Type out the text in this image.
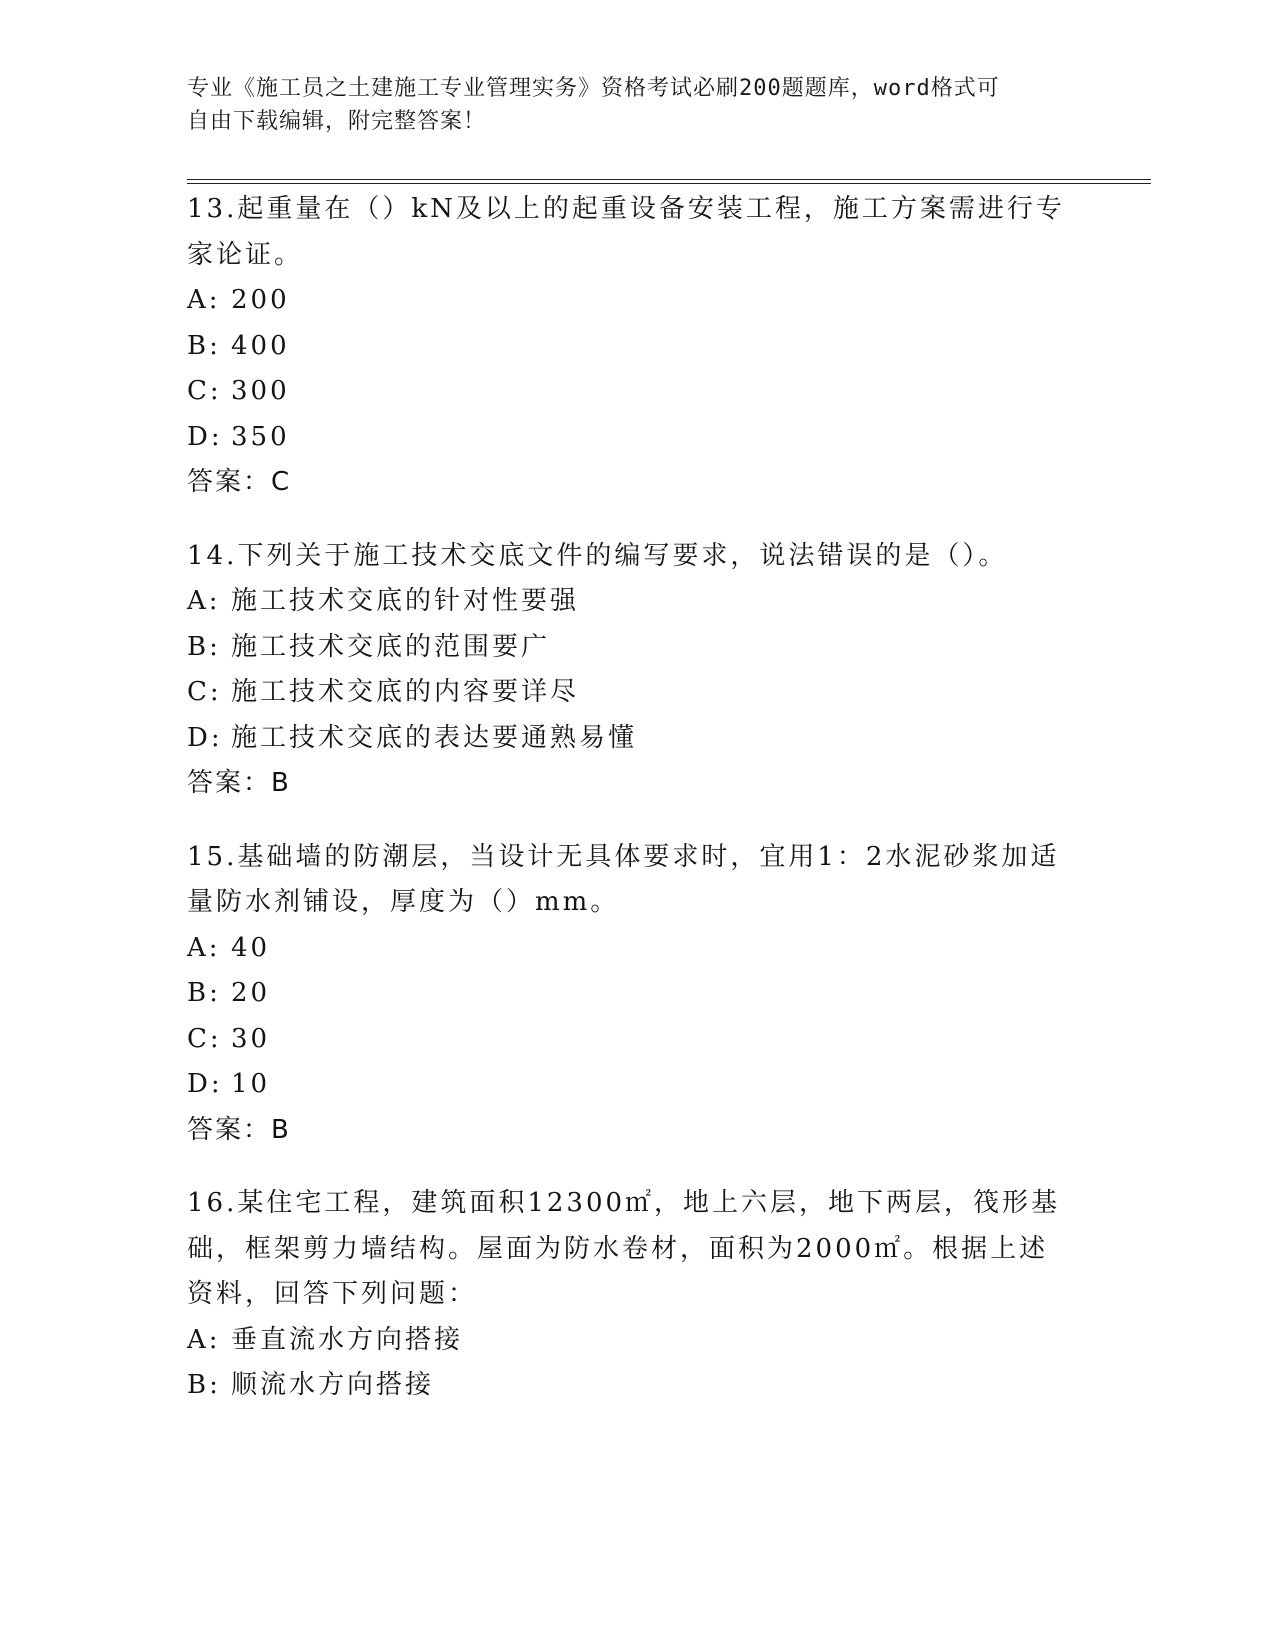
专业《施工员之土建施工专业管理实务》资格考试必刷200题题库，word格式可
自由下载编辑，附完整答案！

13.起重量在（）kN及以上的起重设备安装工程，施工方案需进行专家论证。

A: 200

B: 400

C: 300

D: 350

答案：C

14.下列关于施工技术交底文件的编写要求，说法错误的是（）。

A: 施工技术交底的针对性要强

B: 施工技术交底的范围要广

C: 施工技术交底的内容要详尽

D: 施工技术交底的表达要通熟易懂

答案：B

15.基础墙的防潮层，当设计无具体要求时，宜用1：2水泥砂浆加适量防水剂铺设，厚度为（）mm。

A: 40

B: 20

C: 30

D: 10

答案：B

16.某住宅工程，建筑面积12300㎡，地上六层，地下两层，筏形基础，框架剪力墙结构。屋面为防水卷材，面积为2000㎡。根据上述资料，回答下列问题：

A: 垂直流水方向搭接

B: 顺流水方向搭接
